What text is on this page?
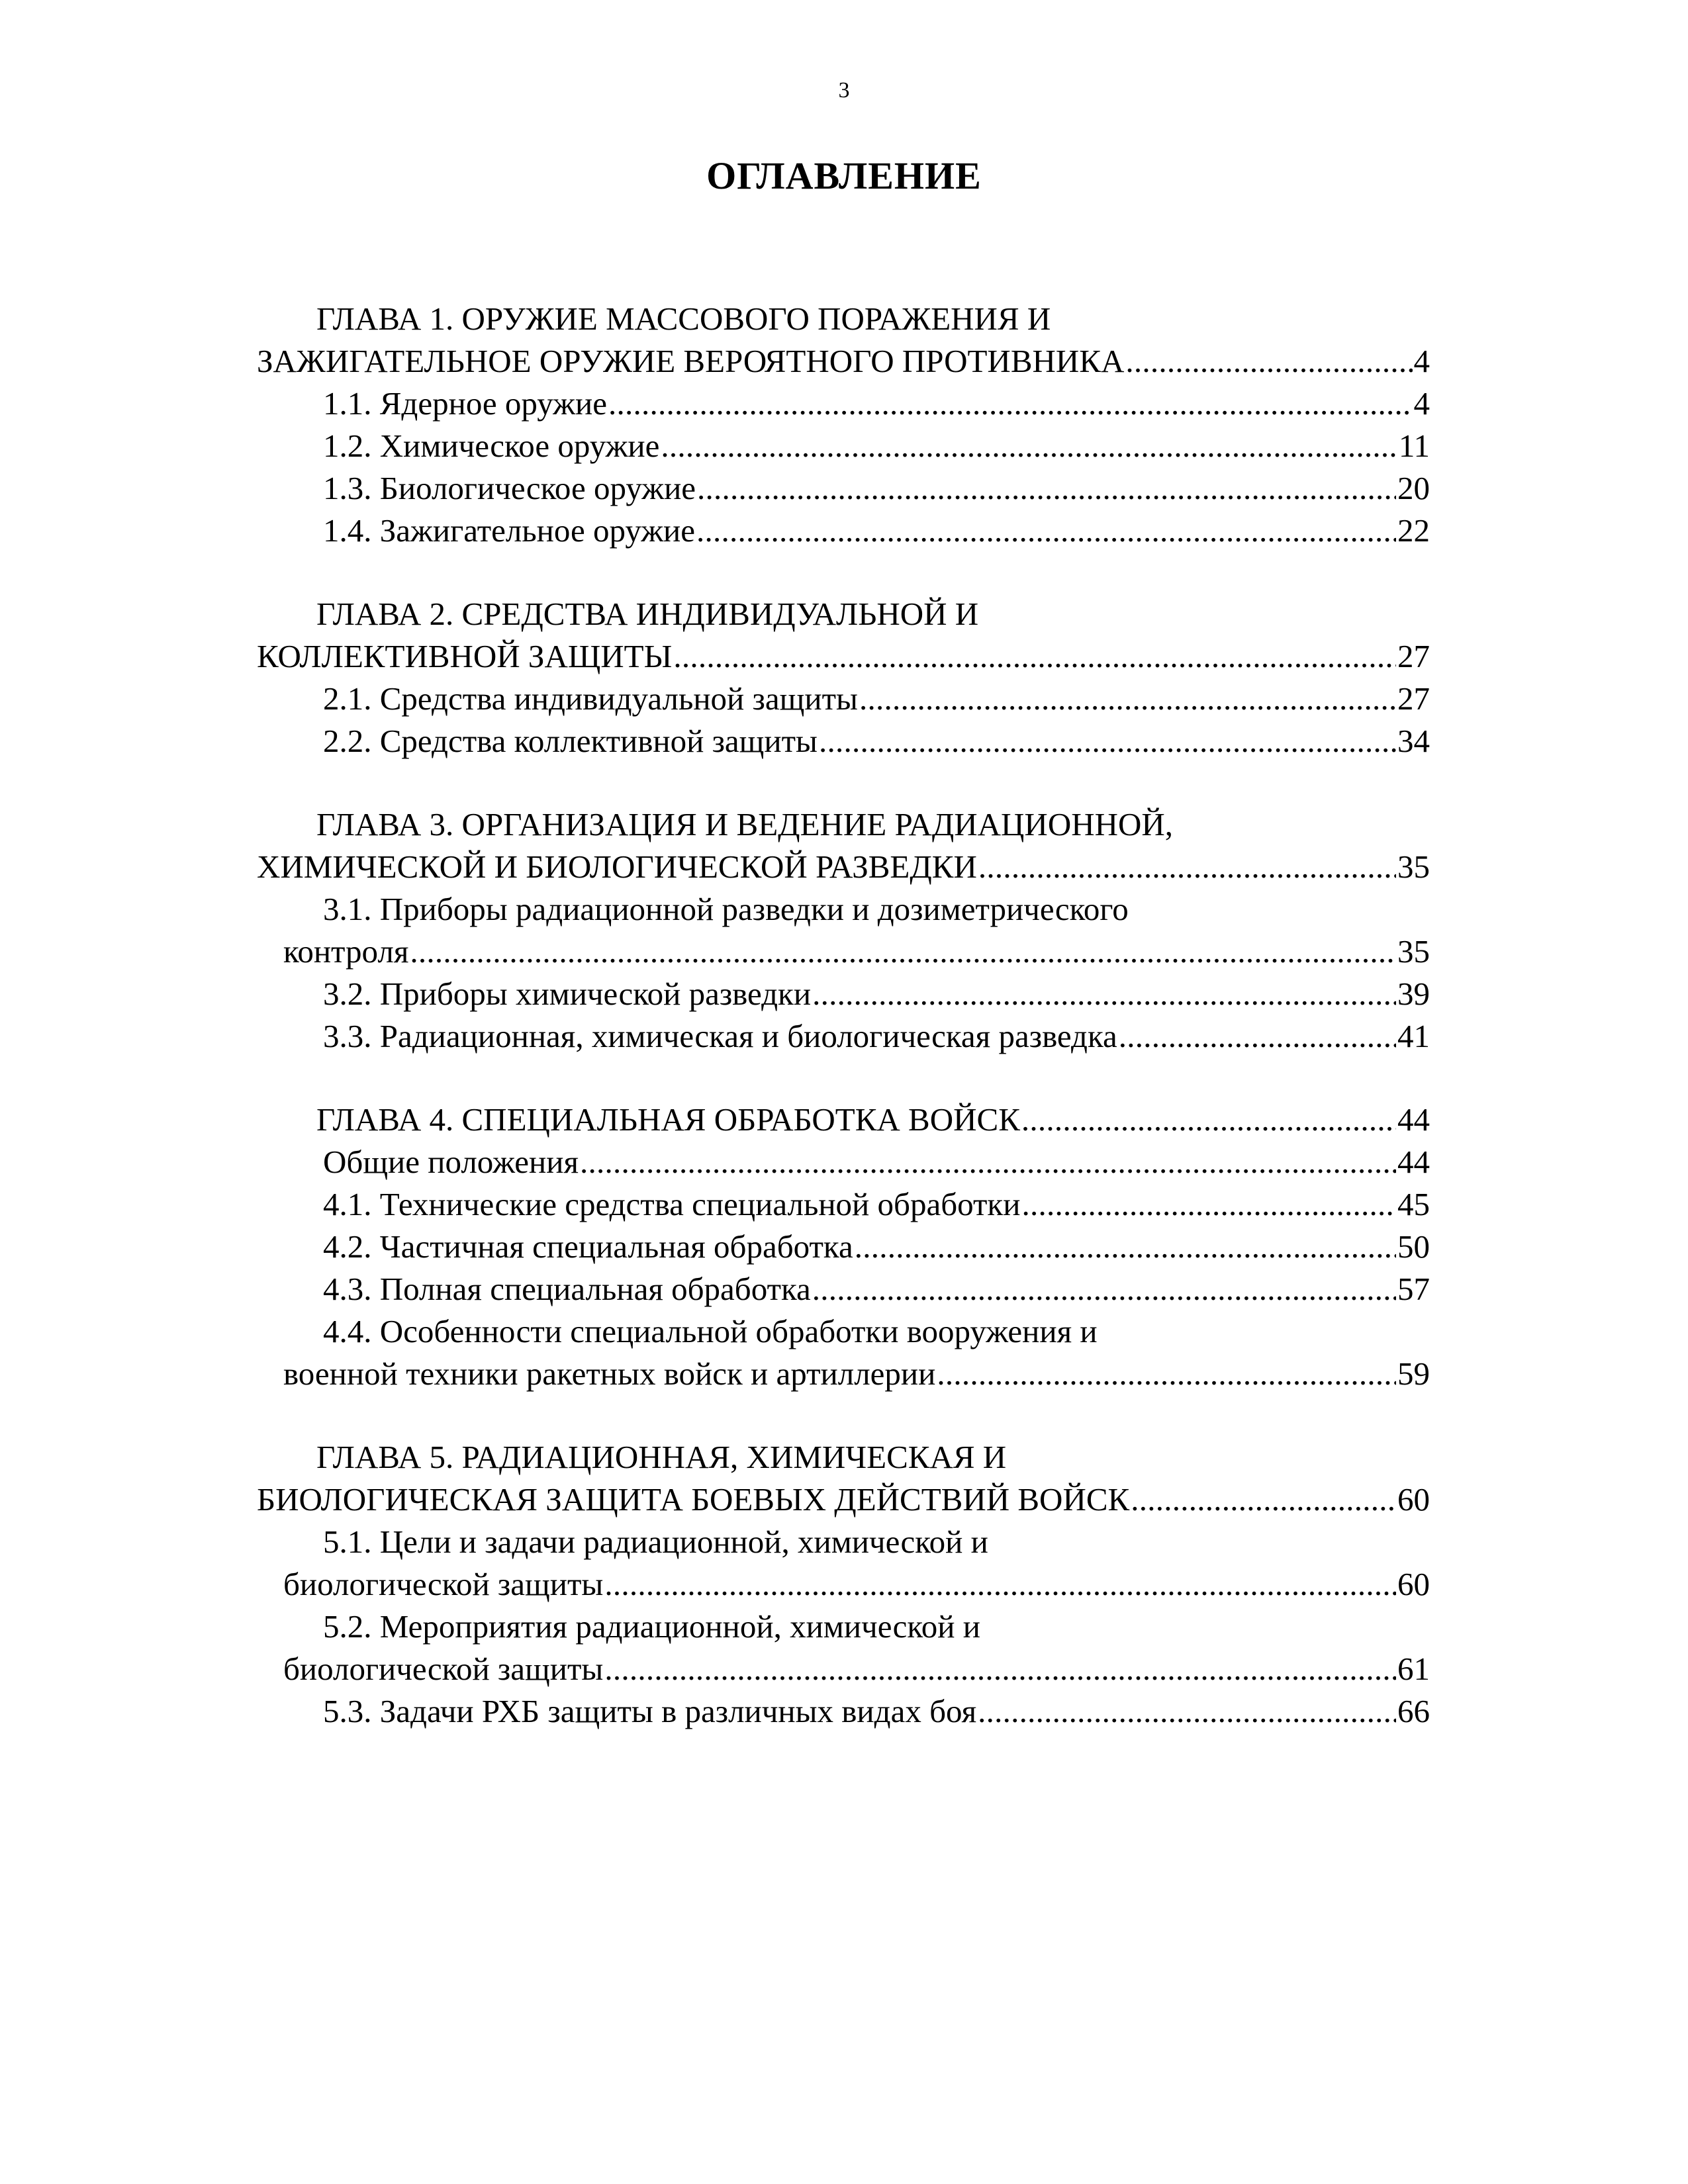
3
ОГЛАВЛЕНИЕ
ГЛАВА 1. ОРУЖИЕ МАССОВОГО ПОРАЖЕНИЯ И
ЗАЖИГАТЕЛЬНОЕ ОРУЖИЕ ВЕРОЯТНОГО ПРОТИВНИКА . . .	4
1.1. Ядерное оружие . . .	4
1.2. Химическое оружие . . .	11
1.3. Биологическое оружие . . .	20
1.4. Зажигательное оружие . . .	22
ГЛАВА 2. СРЕДСТВА ИНДИВИДУАЛЬНОЙ И
КОЛЛЕКТИВНОЙ ЗАЩИТЫ . . .	27
2.1. Средства индивидуальной защиты . . .	27
2.2. Средства коллективной защиты . . .	34
ГЛАВА 3. ОРГАНИЗАЦИЯ И ВЕДЕНИЕ РАДИАЦИОННОЙ,
ХИМИЧЕСКОЙ И БИОЛОГИЧЕСКОЙ РАЗВЕДКИ . . .	35
3.1. Приборы радиационной разведки и дозиметрического
контроля . . .	35
3.2. Приборы химической разведки . . .	39
3.3. Радиационная, химическая и биологическая разведка . . .	41
ГЛАВА 4. СПЕЦИАЛЬНАЯ ОБРАБОТКА ВОЙСК . . .	44
Общие положения . . .	44
4.1. Технические средства специальной обработки . . .	45
4.2. Частичная специальная обработка . . .	50
4.3. Полная специальная обработка . . .	57
4.4. Особенности специальной обработки вооружения и
военной техники ракетных войск и артиллерии . . .	59
ГЛАВА 5. РАДИАЦИОННАЯ, ХИМИЧЕСКАЯ И
БИОЛОГИЧЕСКАЯ ЗАЩИТА БОЕВЫХ ДЕЙСТВИЙ ВОЙСК . . .	60
5.1. Цели и задачи радиационной, химической и
биологической защиты . . .	60
5.2. Мероприятия радиационной, химической и
биологической защиты . . .	61
5.3. Задачи РХБ защиты в различных видах боя . . .	66
